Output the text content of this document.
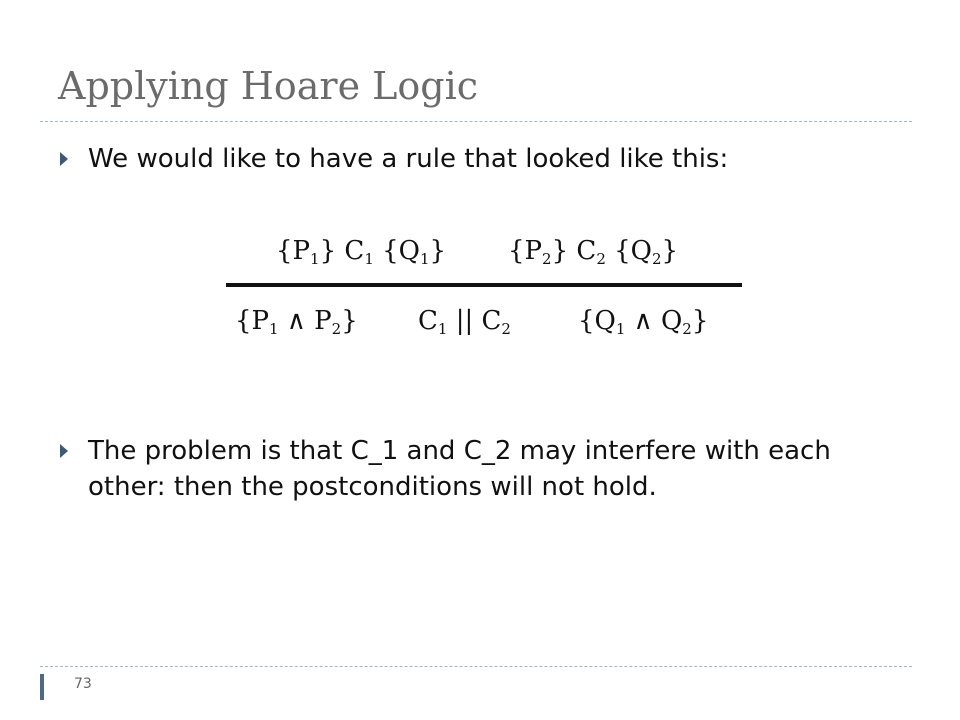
Applying Hoare Logic
We would like to have a rule that looked like this:
$\{P_1\}$ $C_1$ $\{Q_1\}$ $\{P_2\}$ $C_2$ $\{Q_2\}$
{$P_1$ ∧ $P_2$} $C_1$ || $C_2$	{$Q_1$ ∧ $Q_2$}
The problem is that C_1 and C_2 may interfere with each other: then the postconditions will not hold.
73
